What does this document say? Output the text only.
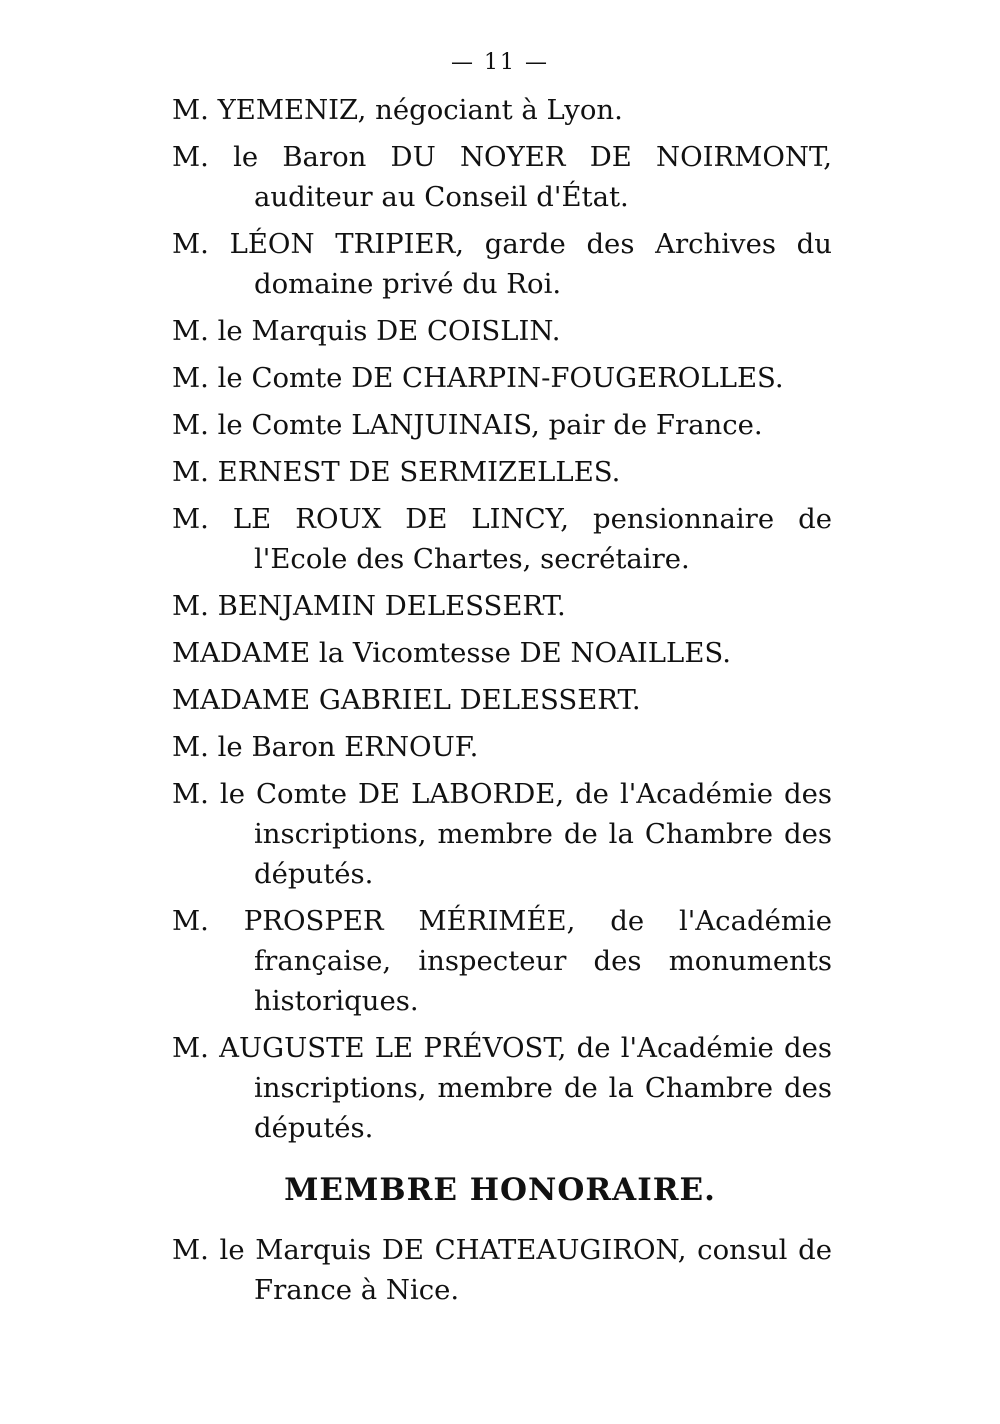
— 11 —

M. YEMENIZ, négociant à Lyon.

M. le Baron DU NOYER DE NOIRMONT, auditeur au Conseil d'État.

M. LÉON TRIPIER, garde des Archives du domaine privé du Roi.

M. le Marquis DE COISLIN.

M. le Comte DE CHARPIN-FOUGEROLLES.

M. le Comte LANJUINAIS, pair de France.

M. ERNEST DE SERMIZELLES.

M. LE ROUX DE LINCY, pensionnaire de l'Ecole des Chartes, secrétaire.

M. BENJAMIN DELESSERT.

MADAME la Vicomtesse DE NOAILLES.

MADAME GABRIEL DELESSERT.

M. le Baron ERNOUF.

M. le Comte DE LABORDE, de l'Académie des inscriptions, membre de la Chambre des députés.

M. PROSPER MÉRIMÉE, de l'Académie française, inspecteur des monuments historiques.

M. AUGUSTE LE PRÉVOST, de l'Académie des inscriptions, membre de la Chambre des députés.

MEMBRE HONORAIRE.

M. le Marquis DE CHATEAUGIRON, consul de France à Nice.
